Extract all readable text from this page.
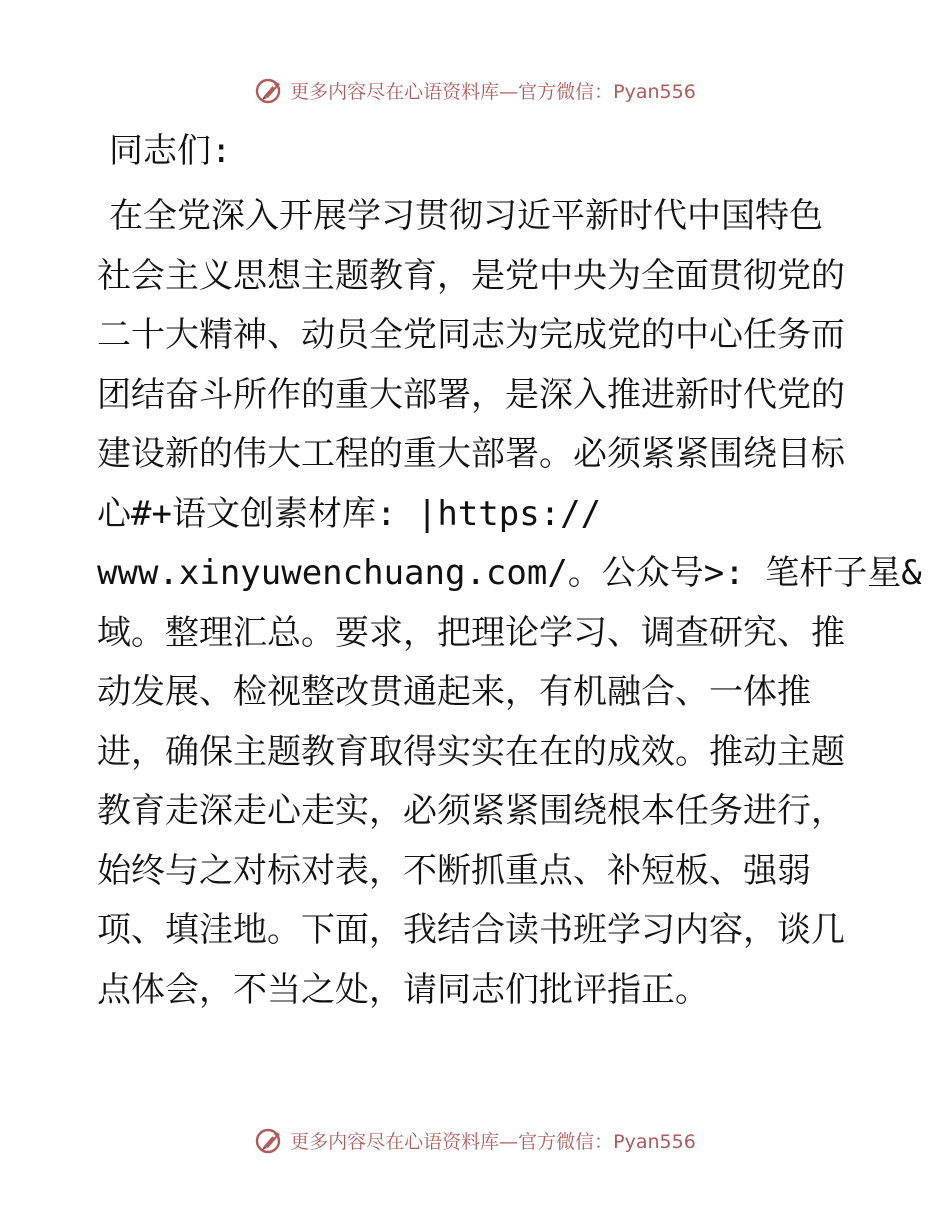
更多内容尽在心语资料库—官方微信：Pyan556
同志们:
在全党深入开展学习贯彻习近平新时代中国特色
社会主义思想主题教育，是党中央为全面贯彻党的
二十大精神、动员全党同志为完成党的中心任务而
团结奋斗所作的重大部署，是深入推进新时代党的
建设新的伟大工程的重大部署。必须紧紧围绕目标
心#+语文创素材库: |https://
www.xinyuwenchuang.com/。公众号>: 笔杆子星&
域。整理汇总。要求，把理论学习、调查研究、推
动发展、检视整改贯通起来，有机融合、一体推
进，确保主题教育取得实实在在的成效。推动主题
教育走深走心走实，必须紧紧围绕根本任务进行，
始终与之对标对表，不断抓重点、补短板、强弱
项、填洼地。下面，我结合读书班学习内容，谈几
点体会，不当之处，请同志们批评指正。
更多内容尽在心语资料库—官方微信：Pyan556
